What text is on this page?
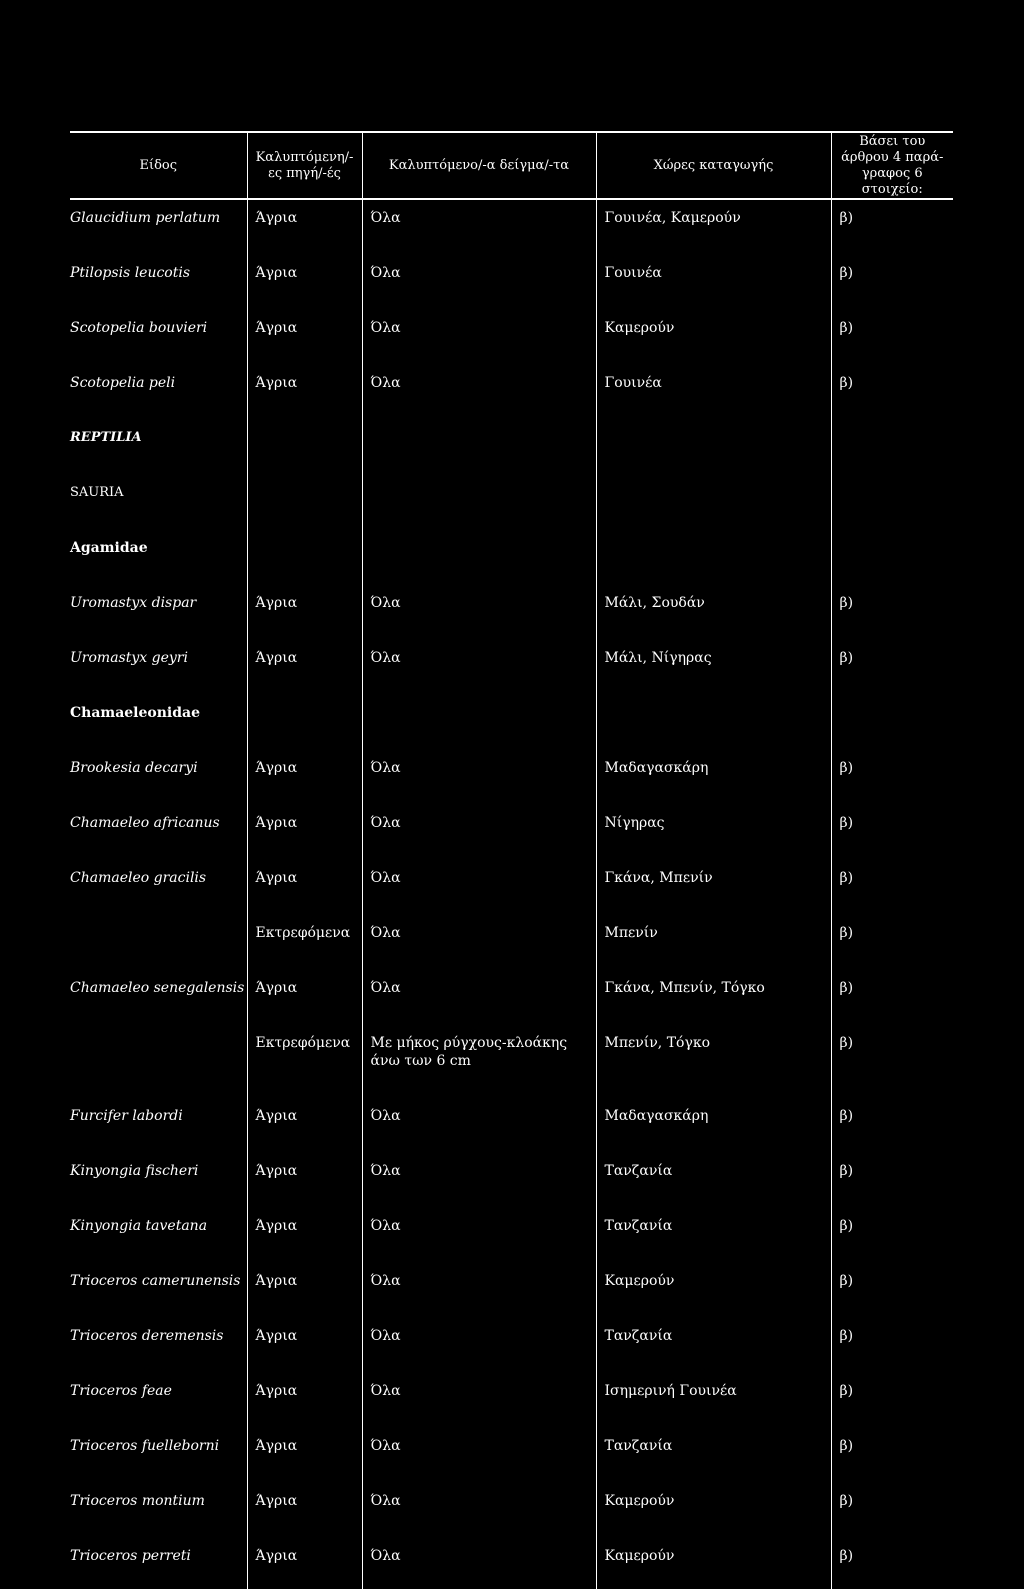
Είδος	Καλυπτόμενη/-ες πηγή/-ές	Καλυπτόμενο/-α δείγμα/-τα	Χώρες καταγωγής	Βάσει του άρθρου 4 παρά-γραφος 6 στοιχείο:
Glaucidium perlatum	Άγρια	Όλα	Γουινέα, Καμερούν	β)
Ptilopsis leucotis	Άγρια	Όλα	Γουινέα	β)
Scotopelia bouvieri	Άγρια	Όλα	Καμερούν	β)
Scotopelia peli	Άγρια	Όλα	Γουινέα	β)
REPTILIA				
SAURIA				
Agamidae				
Uromastyx dispar	Άγρια	Όλα	Μάλι, Σουδάν	β)
Uromastyx geyri	Άγρια	Όλα	Μάλι, Νίγηρας	β)
Chamaeleonidae				
Brookesia decaryi	Άγρια	Όλα	Μαδαγασκάρη	β)
Chamaeleo africanus	Άγρια	Όλα	Νίγηρας	β)
Chamaeleo gracilis	Άγρια	Όλα	Γκάνα, Μπενίν	β)
	Εκτρεφόμενα	Όλα	Μπενίν	β)
Chamaeleo senegalensis	Άγρια	Όλα	Γκάνα, Μπενίν, Τόγκο	β)
	Εκτρεφόμενα	Με μήκος ρύγχους-κλοάκης άνω των 6 cm	Μπενίν, Τόγκο	β)
Furcifer labordi	Άγρια	Όλα	Μαδαγασκάρη	β)
Kinyongia fischeri	Άγρια	Όλα	Τανζανία	β)
Kinyongia tavetana	Άγρια	Όλα	Τανζανία	β)
Trioceros camerunensis	Άγρια	Όλα	Καμερούν	β)
Trioceros deremensis	Άγρια	Όλα	Τανζανία	β)
Trioceros feae	Άγρια	Όλα	Ισημερινή Γουινέα	β)
Trioceros fuelleborni	Άγρια	Όλα	Τανζανία	β)
Trioceros montium	Άγρια	Όλα	Καμερούν	β)
Trioceros perreti	Άγρια	Όλα	Καμερούν	β)
